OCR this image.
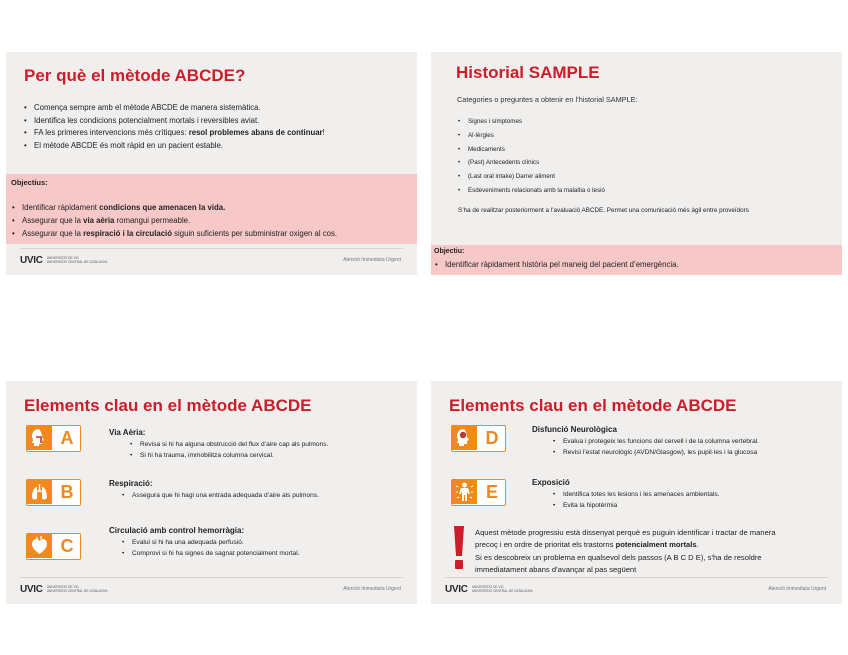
Per què el mètode ABCDE?
• Comença sempre amb el mètode ABCDE de manera sistemàtica.
• Identifica les condicions potencialment mortals i reversibles aviat.
• FA les primeres intervencions més crítiques: resol problemes abans de continuar!
• El mètode ABCDE és molt ràpid en un pacient estable.
Objectius:
• Identificar ràpidament condicions que amenacen la vida.
• Assegurar que la via aèria romangui permeable.
• Assegurar que la respiració i la circulació siguin suficients per subministrar oxigen al cos.
UVIC UNIVERSITAT DE VIC
UNIVERSITAT CENTRAL DE CATALUNYA	Atenció Immediata Urgent
Historial SAMPLE
Categories o preguntes a obtenir en l’historial SAMPLE:
• Signes i símptomes
• Al·lèrgies
• Medicaments
• (Past) Antecedents clínics
• (Last oral intake) Darrer aliment
• Esdeveniments relacionats amb la malaltia o lesió
S’ha de realitzar posteriorment a l’avaluació ABCDE. Permet una comunicació més àgil entre proveïdors
Objectiu:
• Identificar ràpidament història pel maneig del pacient d’emergència.
Elements clau en el mètode ABCDE
A	Via Aèria:
• Revisa si hi ha alguna obstrucció del flux d’aire cap als pulmons.
• Si hi ha trauma, immobilitza columna cervical.
B	Respiració:
• Assegura que hi hagi una entrada adequada d’aire als pulmons.
C
Circulació amb control hemorràgia:
• Evalui si hi ha una adequada perfusió.
• Comprovi si hi ha signes de sagnat potencialment mortal.
UVIC UNIVERSITAT DE VIC
UNIVERSITAT CENTRAL DE CATALUNYA	Atenció Immediata Urgent
Elements clau en el mètode ABCDE
D	Disfunció Neurològica
• Evalua i protegeix les funcions del cervell i de la columna vertebral.
• Revisi l’estat neurològic (AVDN/Glasgow), les pupil·les i la glucosa
E	Exposició
• Identifica totes les lesions i les amenaces ambientals.
• Evita la hipotèrmia
Aquest mètode progressiu està dissenyat perquè es puguin identificar i tractar de manera
precoç i en ordre de prioritat els trastorns potencialment mortals.
Si es descobreix un problema en qualsevol dels passos (A B C D E), s’ha de resoldre
immediatament abans d’avançar al pas següent
UVIC UNIVERSITAT DE VIC
UNIVERSITAT CENTRAL DE CATALUNYA	Atenció Immediata Urgent
